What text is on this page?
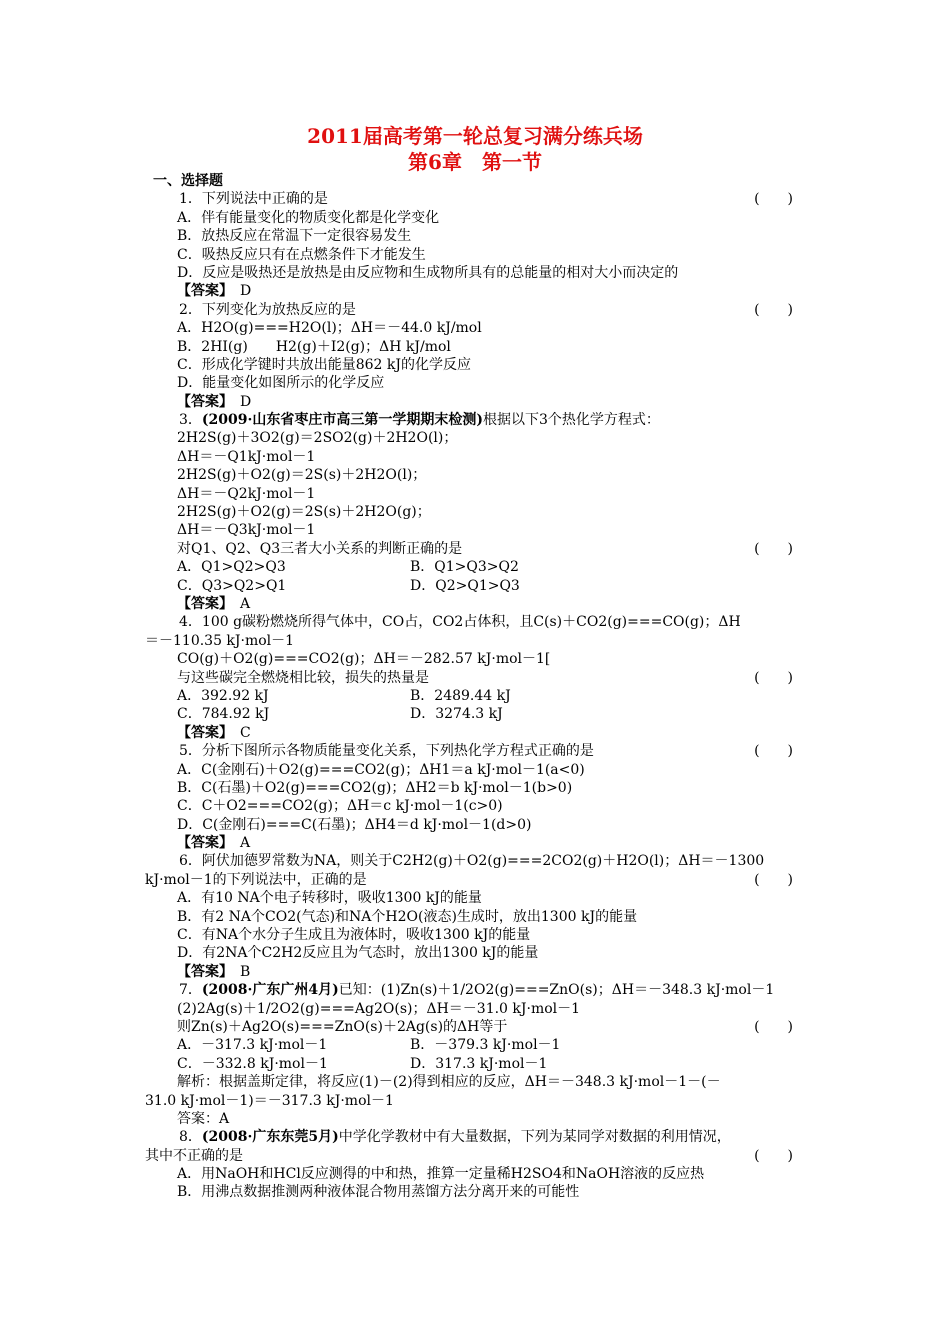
2011届高考第一轮总复习满分练兵场
第6章　第一节
一、选择题
1．下列说法中正确的是	(　　)
A．伴有能量变化的物质变化都是化学变化
B．放热反应在常温下一定很容易发生
C．吸热反应只有在点燃条件下才能发生
D．反应是吸热还是放热是由反应物和生成物所具有的总能量的相对大小而决定的
【答案】　 D
2．下列变化为放热反应的是	(　　)
A．H2O(g)===H2O(l)；ΔH＝－44.0 kJ/mol
B．2HI(g)　　H2(g)＋I2(g)；ΔH kJ/mol
C．形成化学键时共放出能量862 kJ的化学反应
D．能量变化如图所示的化学反应
【答案】　 D
3．(2009·山东省枣庄市高三第一学期期末检测)根据以下3个热化学方程式：
2H2S(g)＋3O2(g)＝2SO2(g)＋2H2O(l)；
ΔH＝－Q1kJ·mol－1
2H2S(g)＋O2(g)＝2S(s)＋2H2O(l)；
ΔH＝－Q2kJ·mol－1
2H2S(g)＋O2(g)＝2S(s)＋2H2O(g)；
ΔH＝－Q3kJ·mol－1
对Q1、Q2、Q3三者大小关系的判断正确的是	(　　)
A．Q1>Q2>Q3	B．Q1>Q3>Q2
C．Q3>Q2>Q1	D．Q2>Q1>Q3
【答案】　 A
4．100 g碳粉燃烧所得气体中，CO占，CO2占体积，且C(s)＋CO2(g)===CO(g)；ΔH
＝－110.35 kJ·mol－1
CO(g)＋O2(g)===CO2(g)；ΔH＝－282.57 kJ·mol－1[
与这些碳完全燃烧相比较，损失的热量是	(　　)
A．392.92 kJ	B．2489.44 kJ
C．784.92 kJ	D．3274.3 kJ
【答案】　 C
5．分析下图所示各物质能量变化关系，下列热化学方程式正确的是	(　　)
A．C(金刚石)＋O2(g)===CO2(g)；ΔH1＝a kJ·mol－1(a<0)
B．C(石墨)＋O2(g)===CO2(g)；ΔH2＝b kJ·mol－1(b>0)
C．C＋O2===CO2(g)；ΔH＝c kJ·mol－1(c>0)
D．C(金刚石)===C(石墨)；ΔH4＝d kJ·mol－1(d>0)
【答案】　 A
6．阿伏加德罗常数为NA，则关于C2H2(g)＋O2(g)===2CO2(g)＋H2O(l)；ΔH＝－1300
kJ·mol－1的下列说法中，正确的是	(　　)
A．有10 NA个电子转移时，吸收1300 kJ的能量
B．有2 NA个CO2(气态)和NA个H2O(液态)生成时，放出1300 kJ的能量
C．有NA个水分子生成且为液体时，吸收1300 kJ的能量
D．有2NA个C2H2反应且为气态时，放出1300 kJ的能量
【答案】　 B
7．(2008·广东广州4月)已知：(1)Zn(s)＋1/2O2(g)===ZnO(s)；ΔH＝－348.3 kJ·mol－1
(2)2Ag(s)＋1/2O2(g)===Ag2O(s)；ΔH＝－31.0 kJ·mol－1
则Zn(s)＋Ag2O(s)===ZnO(s)＋2Ag(s)的ΔH等于	(　　)
A．－317.3 kJ·mol－1	B．－379.3 kJ·mol－1
C．－332.8 kJ·mol－1	D．317.3 kJ·mol－1
解析：根据盖斯定律，将反应(1)－(2)得到相应的反应，ΔH＝－348.3 kJ·mol－1－(－
31.0 kJ·mol－1)＝－317.3 kJ·mol－1
答案：A
8．(2008·广东东莞5月)中学化学教材中有大量数据，下列为某同学对数据的利用情况，
其中不正确的是	(　　)
A．用NaOH和HCl反应测得的中和热，推算一定量稀H2SO4和NaOH溶液的反应热
B．用沸点数据推测两种液体混合物用蒸馏方法分离开来的可能性
